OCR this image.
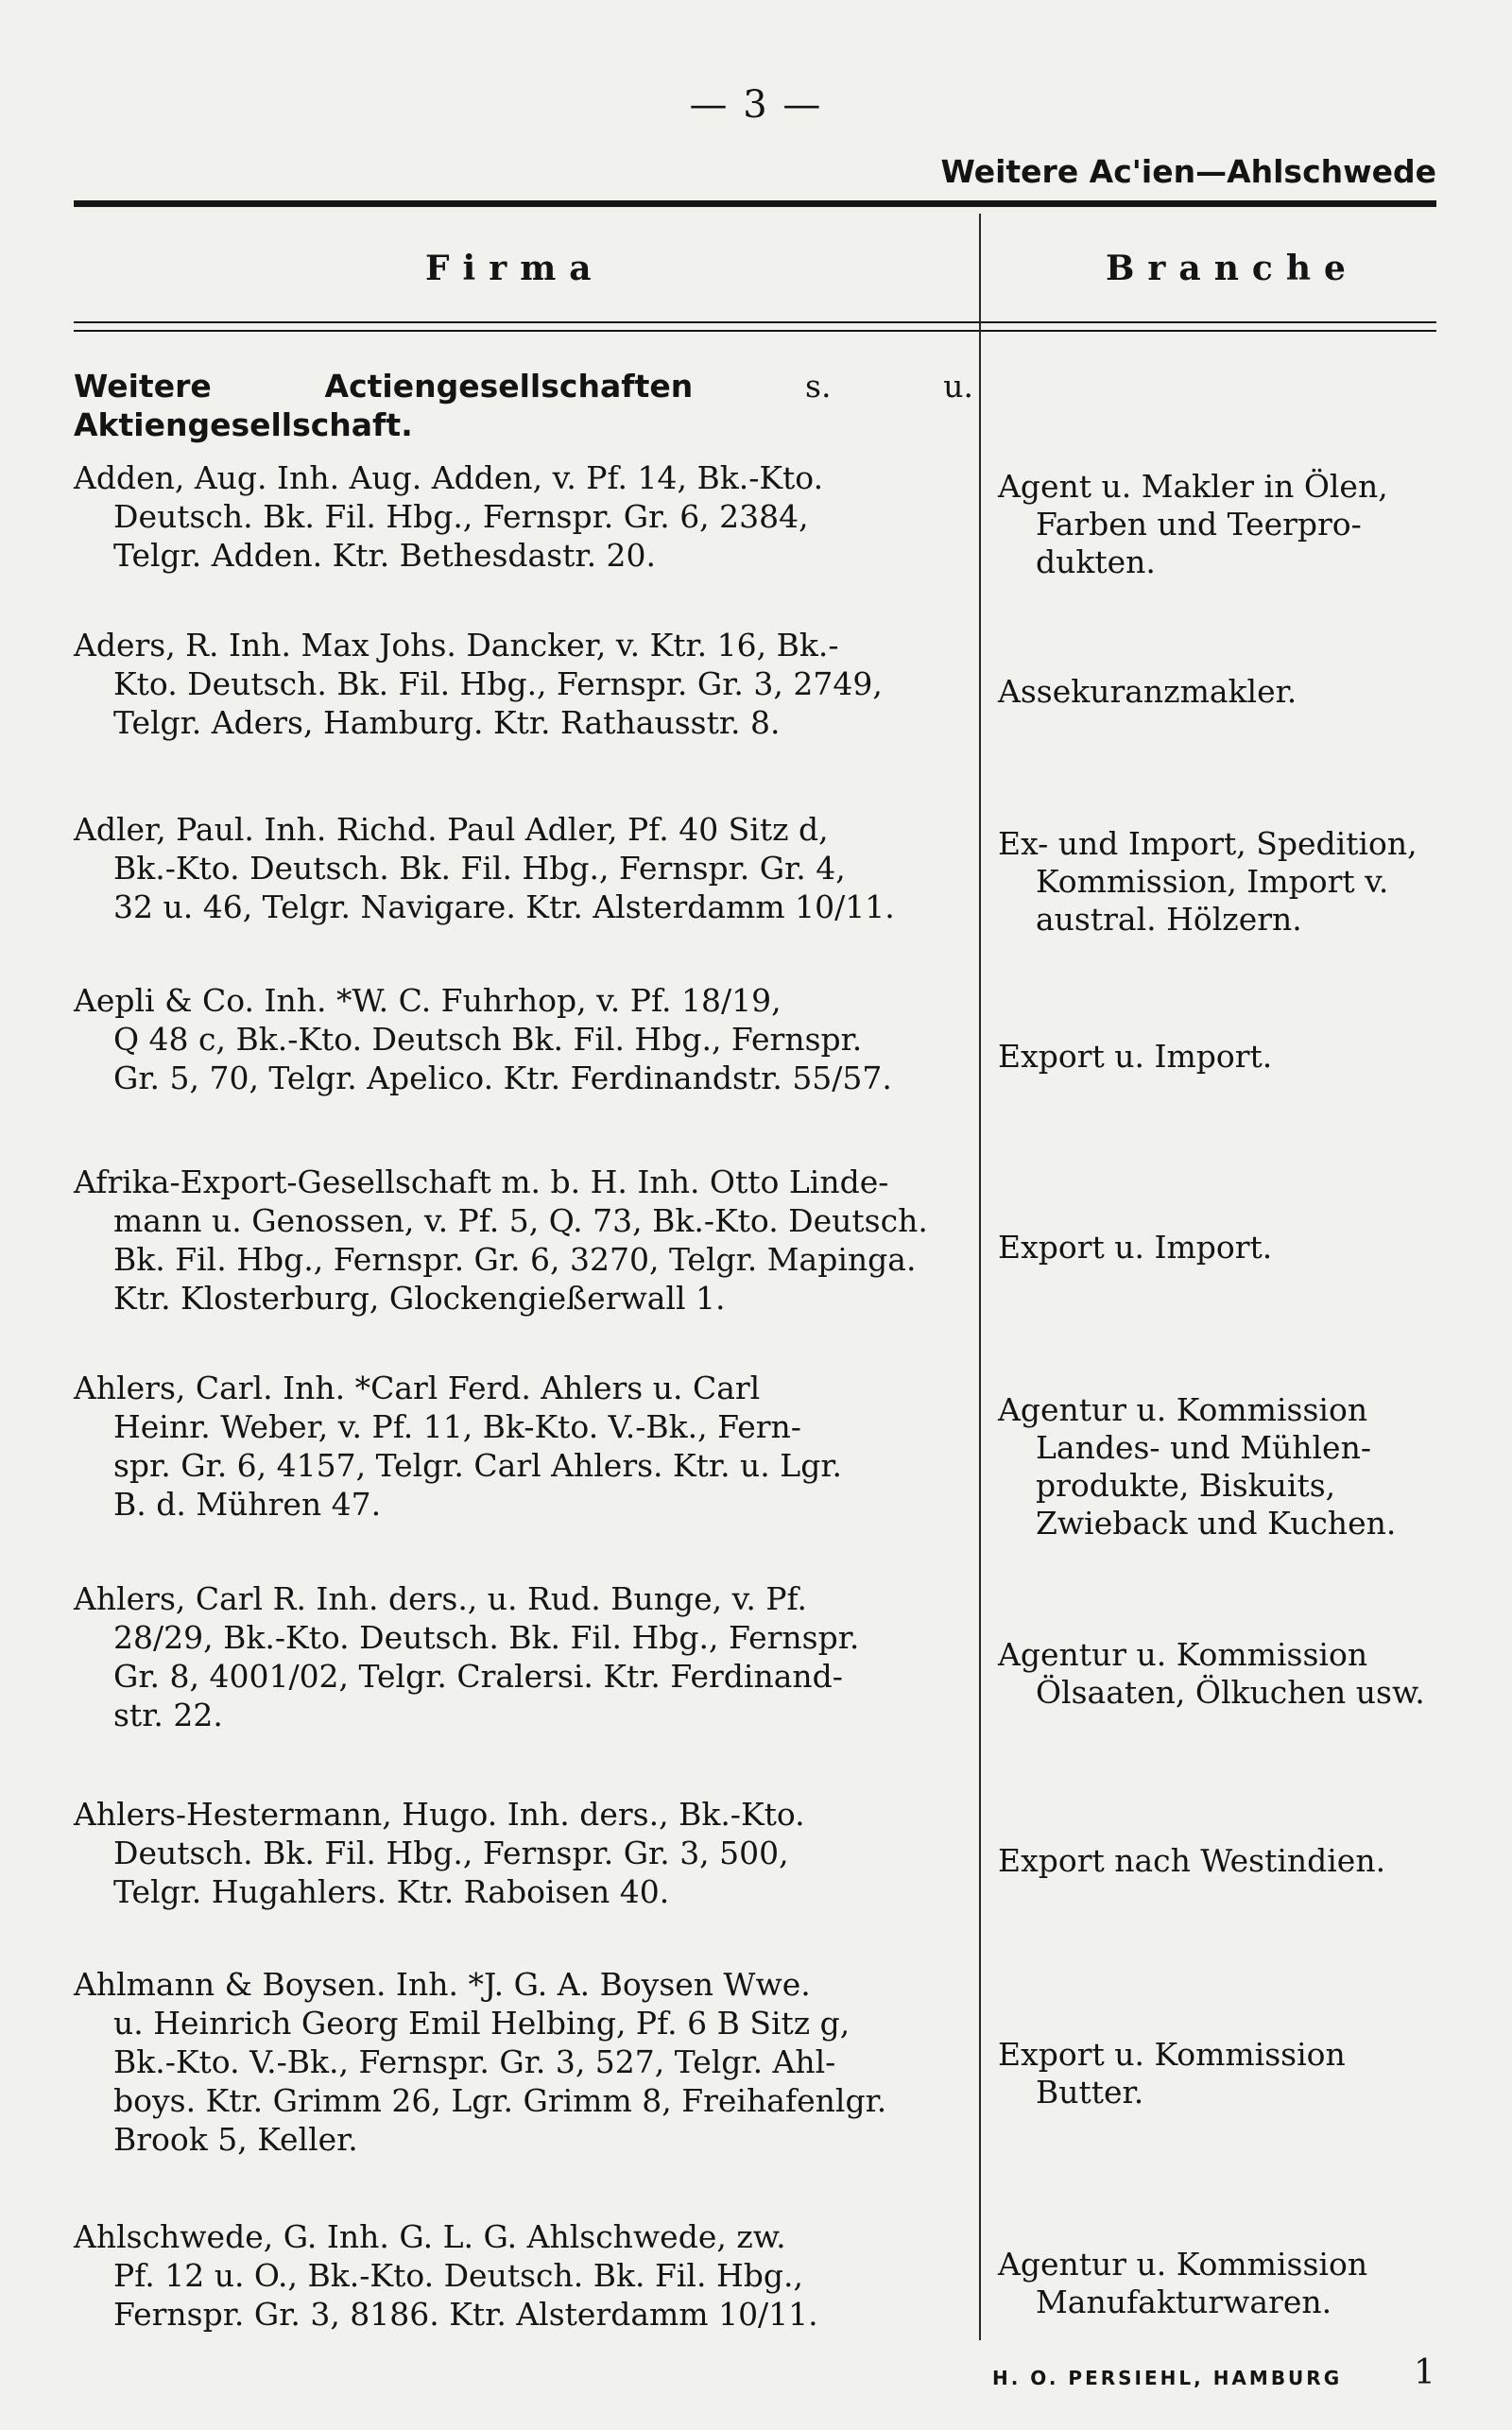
— 3 —
Weitere Ac'ien—Ahlschwede
Firma	Branche
Weitere Actiengesellschaften s. u. Aktiengesellschaft.
Adden, Aug. Inh. Aug. Adden, v. Pf. 14, Bk.-Kto.
Deutsch. Bk. Fil. Hbg., Fernspr. Gr. 6, 2384,
Telgr. Adden. Ktr. Bethesdastr. 20.
Agent u. Makler in Ölen,
Farben und Teerpro-
dukten.
Aders, R. Inh. Max Johs. Dancker, v. Ktr. 16, Bk.-
Kto. Deutsch. Bk. Fil. Hbg., Fernspr. Gr. 3, 2749,
Telgr. Aders, Hamburg. Ktr. Rathausstr. 8.
Assekuranzmakler.
Adler, Paul. Inh. Richd. Paul Adler, Pf. 40 Sitz d,
Bk.-Kto. Deutsch. Bk. Fil. Hbg., Fernspr. Gr. 4,
32 u. 46, Telgr. Navigare. Ktr. Alsterdamm 10/11.
Ex- und Import, Spedition,
Kommission, Import v.
austral. Hölzern.
Aepli & Co. Inh. *W. C. Fuhrhop, v. Pf. 18/19,
Q 48 c, Bk.-Kto. Deutsch Bk. Fil. Hbg., Fernspr.
Gr. 5, 70, Telgr. Apelico. Ktr. Ferdinandstr. 55/57.
Export u. Import.
Afrika-Export-Gesellschaft m. b. H. Inh. Otto Linde-
mann u. Genossen, v. Pf. 5, Q. 73, Bk.-Kto. Deutsch.
Bk. Fil. Hbg., Fernspr. Gr. 6, 3270, Telgr. Mapinga.
Ktr. Klosterburg, Glockengießerwall 1.
Export u. Import.
Ahlers, Carl. Inh. *Carl Ferd. Ahlers u. Carl
Heinr. Weber, v. Pf. 11, Bk-Kto. V.-Bk., Fern-
spr. Gr. 6, 4157, Telgr. Carl Ahlers. Ktr. u. Lgr.
B. d. Mühren 47.
Agentur u. Kommission
Landes- und Mühlen-
produkte, Biskuits,
Zwieback und Kuchen.
Ahlers, Carl R. Inh. ders., u. Rud. Bunge, v. Pf.
28/29, Bk.-Kto. Deutsch. Bk. Fil. Hbg., Fernspr.
Gr. 8, 4001/02, Telgr. Cralersi. Ktr. Ferdinand-
str. 22.
Agentur u. Kommission
Ölsaaten, Ölkuchen usw.
Ahlers-Hestermann, Hugo. Inh. ders., Bk.-Kto.
Deutsch. Bk. Fil. Hbg., Fernspr. Gr. 3, 500,
Telgr. Hugahlers. Ktr. Raboisen 40.
Export nach Westindien.
Ahlmann & Boysen. Inh. *J. G. A. Boysen Wwe.
u. Heinrich Georg Emil Helbing, Pf. 6 B Sitz g,
Bk.-Kto. V.-Bk., Fernspr. Gr. 3, 527, Telgr. Ahl-
boys. Ktr. Grimm 26, Lgr. Grimm 8, Freihafenlgr.
Brook 5, Keller.
Export u. Kommission
Butter.
Ahlschwede, G. Inh. G. L. G. Ahlschwede, zw.
Pf. 12 u. O., Bk.-Kto. Deutsch. Bk. Fil. Hbg.,
Fernspr. Gr. 3, 8186. Ktr. Alsterdamm 10/11.
Agentur u. Kommission
Manufakturwaren.
H. O. PERSIEHL, HAMBURG 1
